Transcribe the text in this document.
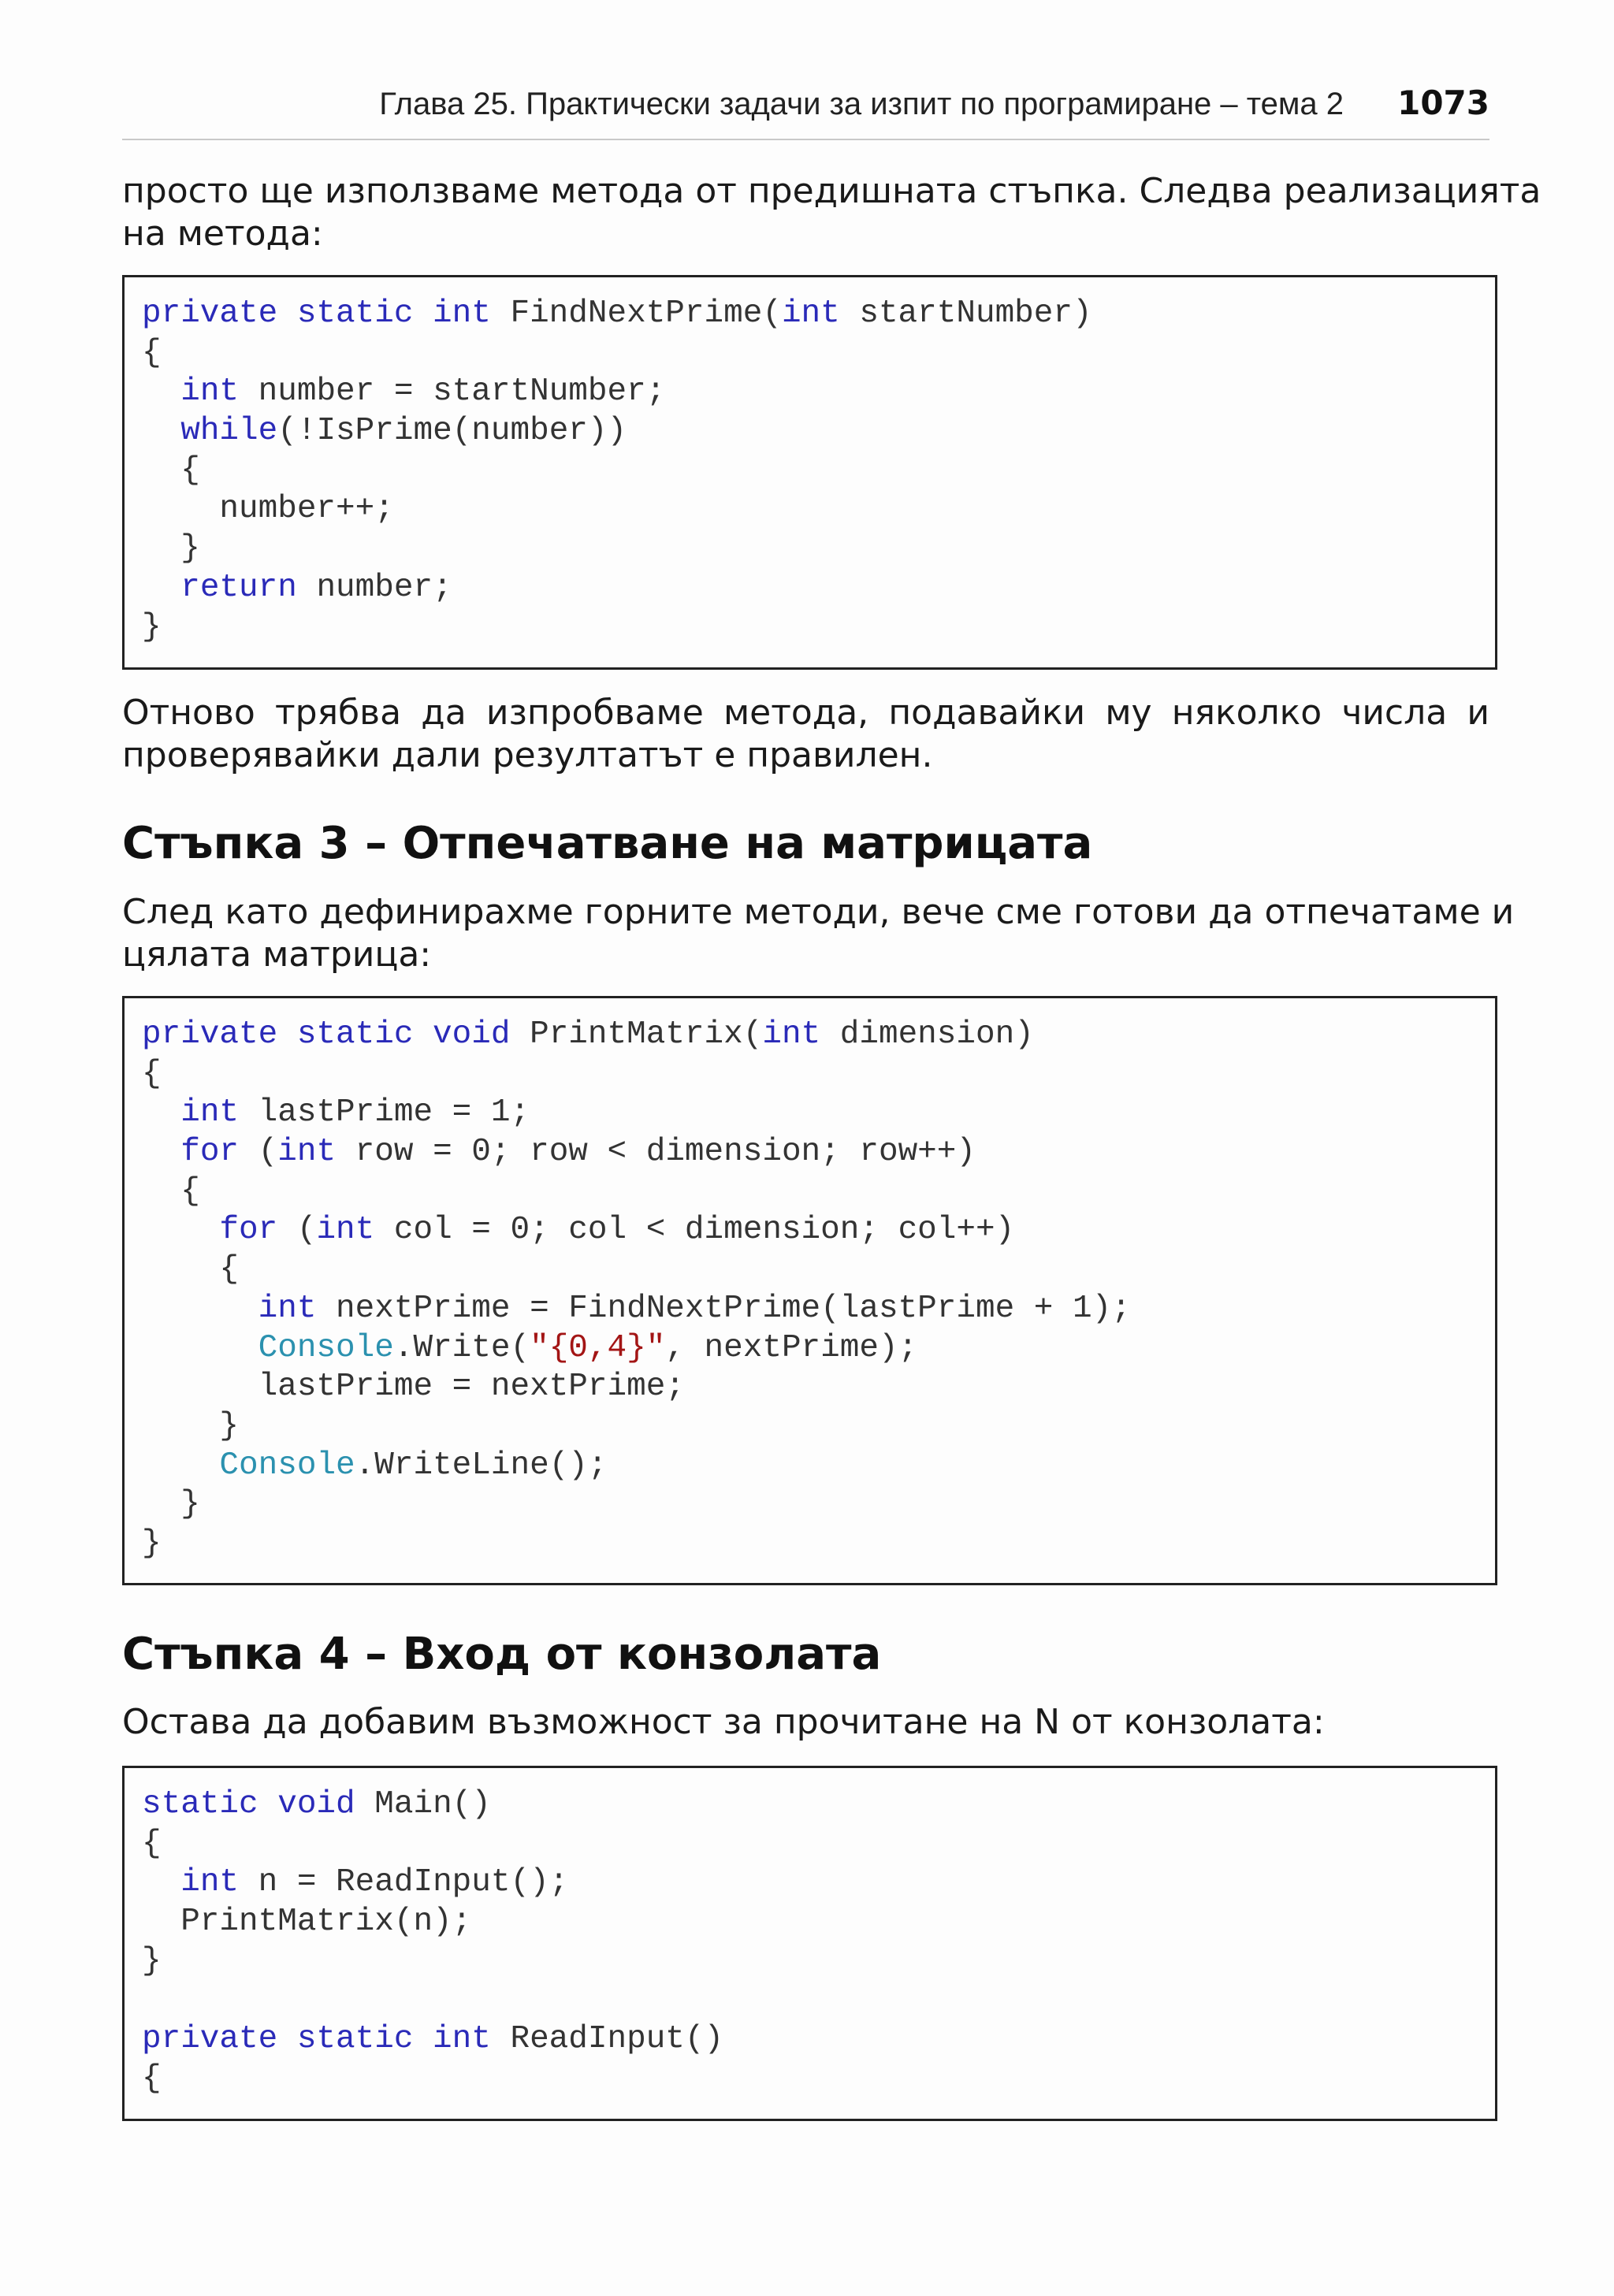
Глава 25. Практически задачи за изпит по програмиране – тема 2 1073
просто ще използваме метода от предишната стъпка. Следва реализацията
на метода:
private static int FindNextPrime(int startNumber)
{
int number = startNumber;
while(!IsPrime(number))
{
number++;
}
return number;
}
Отново трябва да изпробваме метода, подавайки му няколко числа и
проверявайки дали резултатът е правилен.
Стъпка 3 – Отпечатване на матрицата
След като дефинирахме горните методи, вече сме готови да отпечатаме и
цялата матрица:
private static void PrintMatrix(int dimension)
{
int lastPrime = 1;
for (int row = 0; row < dimension; row++)
{
for (int col = 0; col < dimension; col++)
{
int nextPrime = FindNextPrime(lastPrime + 1);
Console.Write("{0,4}", nextPrime);
lastPrime = nextPrime;
}
Console.WriteLine();
}
}
Стъпка 4 – Вход от конзолата
Остава да добавим възможност за прочитане на N от конзолата:
static void Main()
{
int n = ReadInput();
PrintMatrix(n);
}

private static int ReadInput()
{
